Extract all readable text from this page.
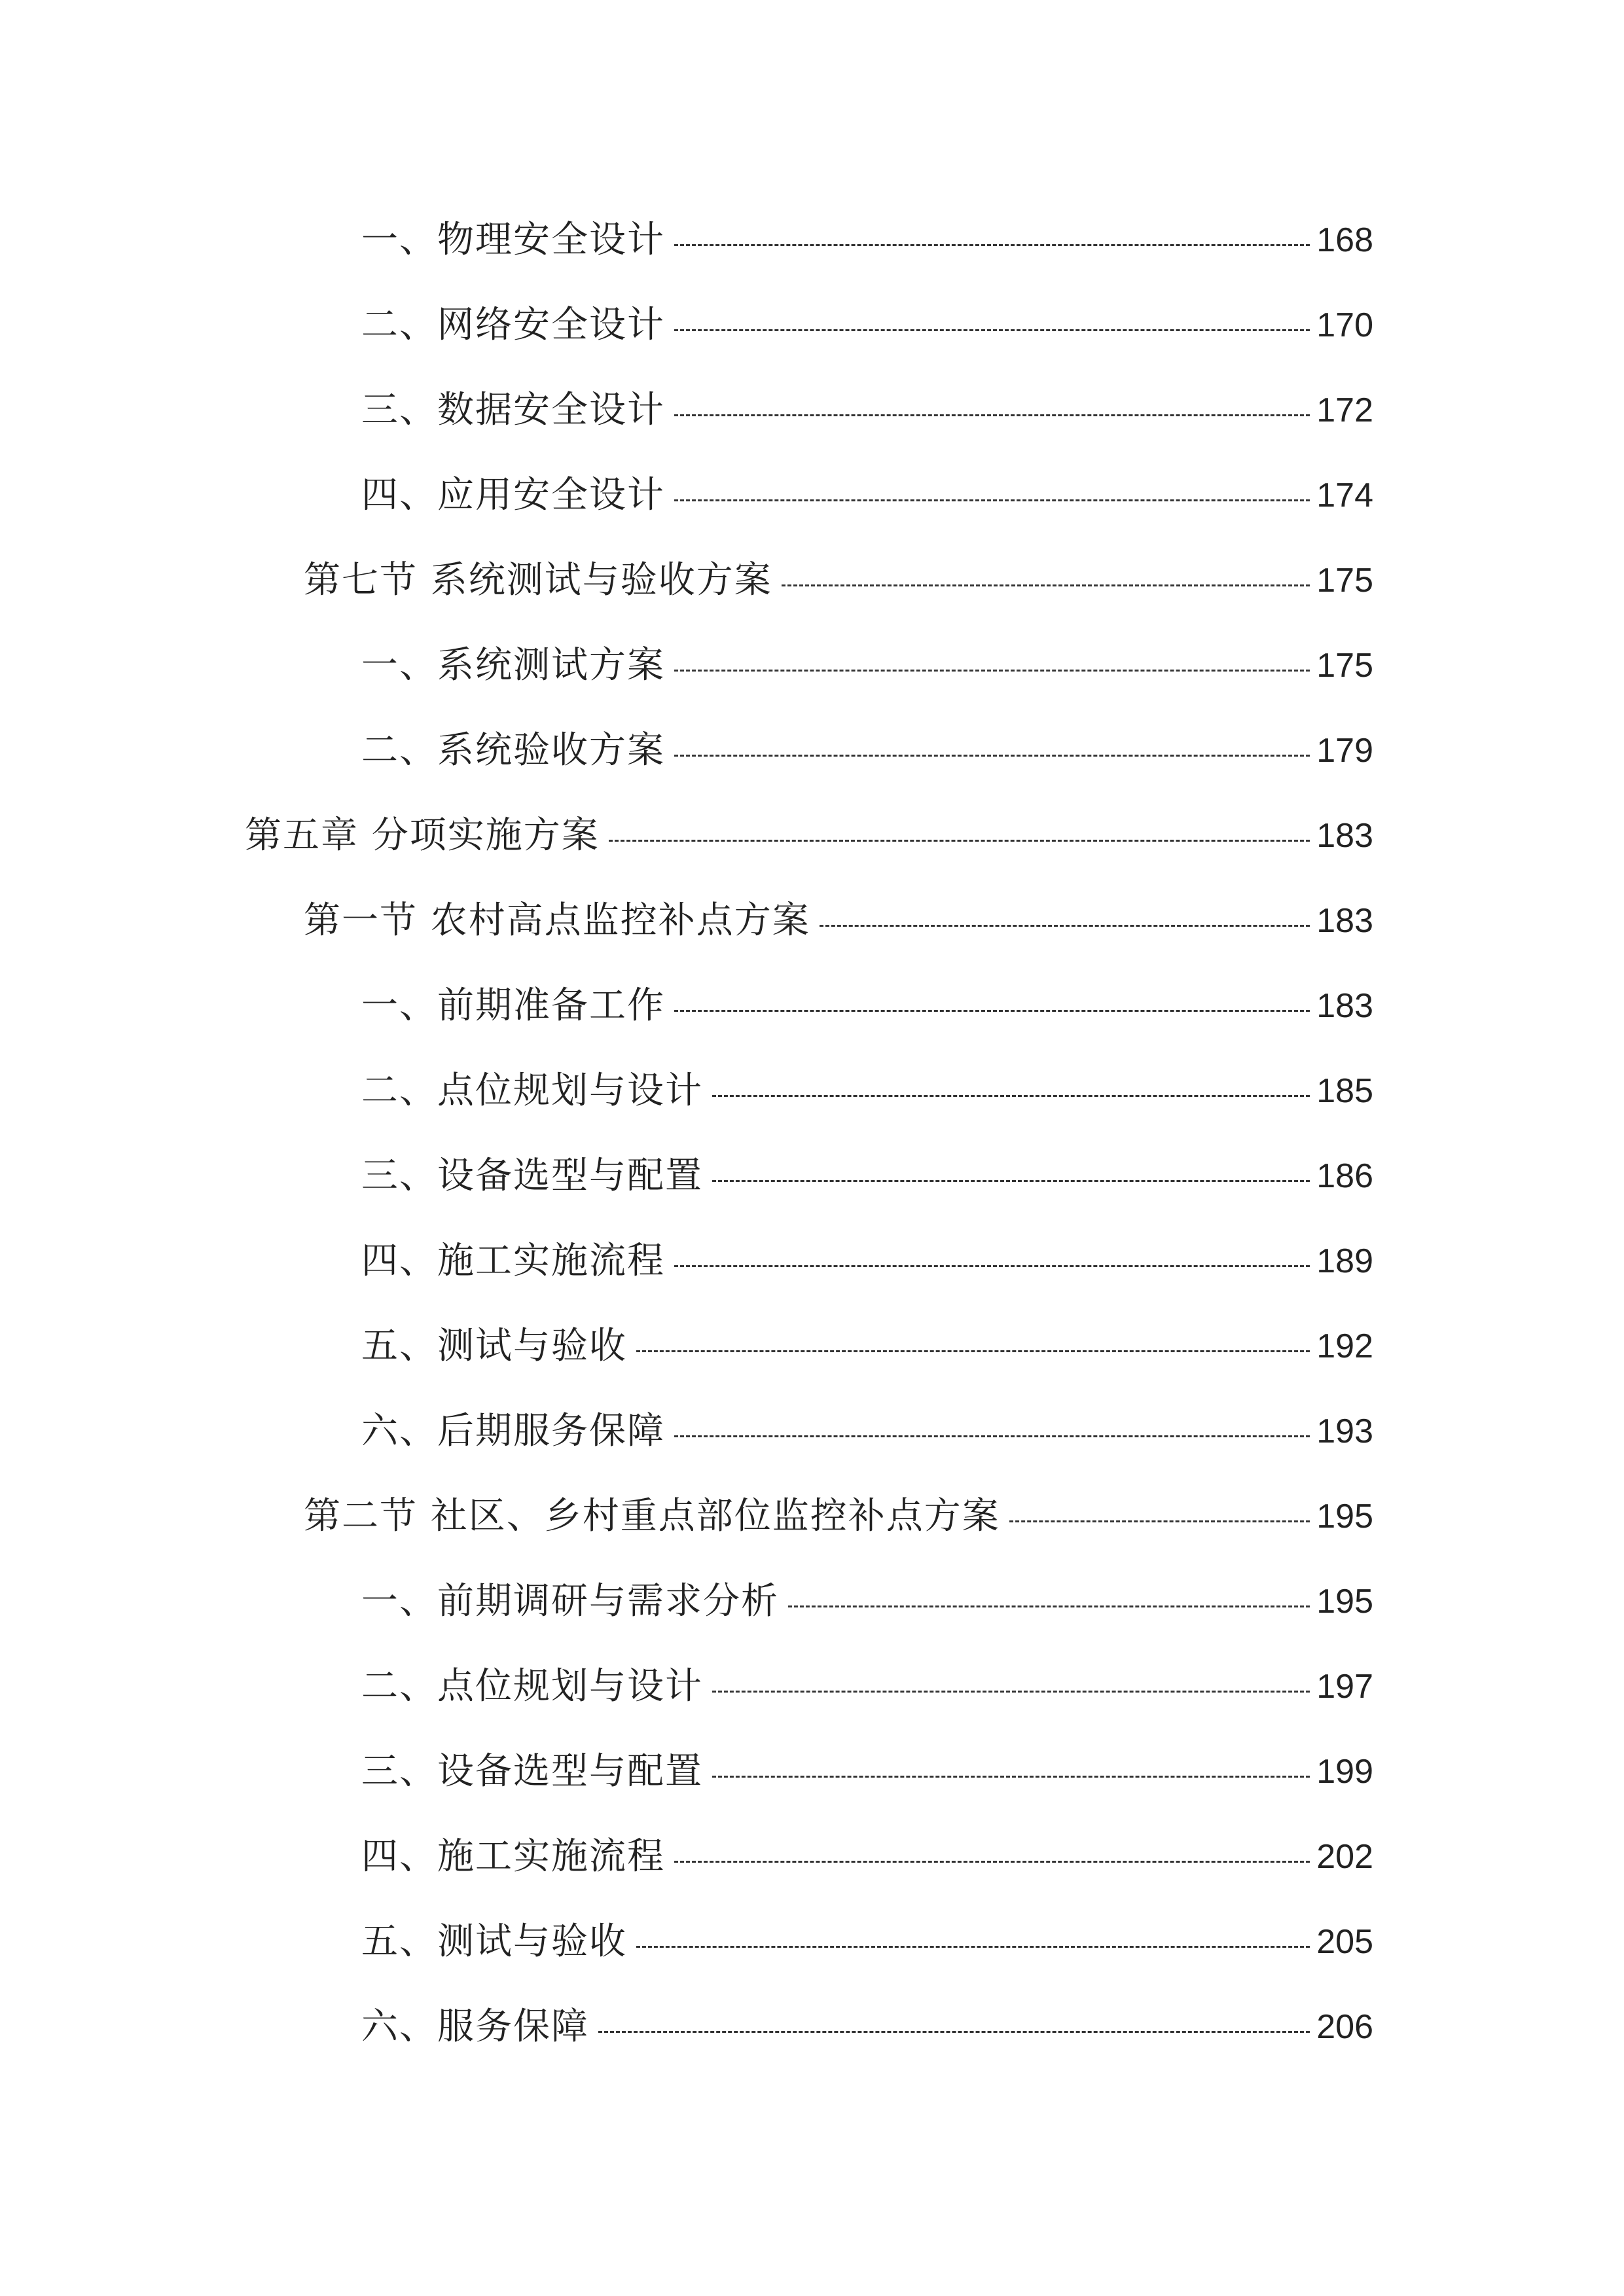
一、物理安全设计	168
二、网络安全设计	170
三、数据安全设计	172
四、应用安全设计	174
第七节 系统测试与验收方案	175
一、系统测试方案	175
二、系统验收方案	179
第五章 分项实施方案	183
第一节 农村高点监控补点方案	183
一、前期准备工作	183
二、点位规划与设计	185
三、设备选型与配置	186
四、施工实施流程	189
五、测试与验收	192
六、后期服务保障	193
第二节 社区、乡村重点部位监控补点方案	195
一、前期调研与需求分析	195
二、点位规划与设计	197
三、设备选型与配置	199
四、施工实施流程	202
五、测试与验收	205
六、服务保障	206
